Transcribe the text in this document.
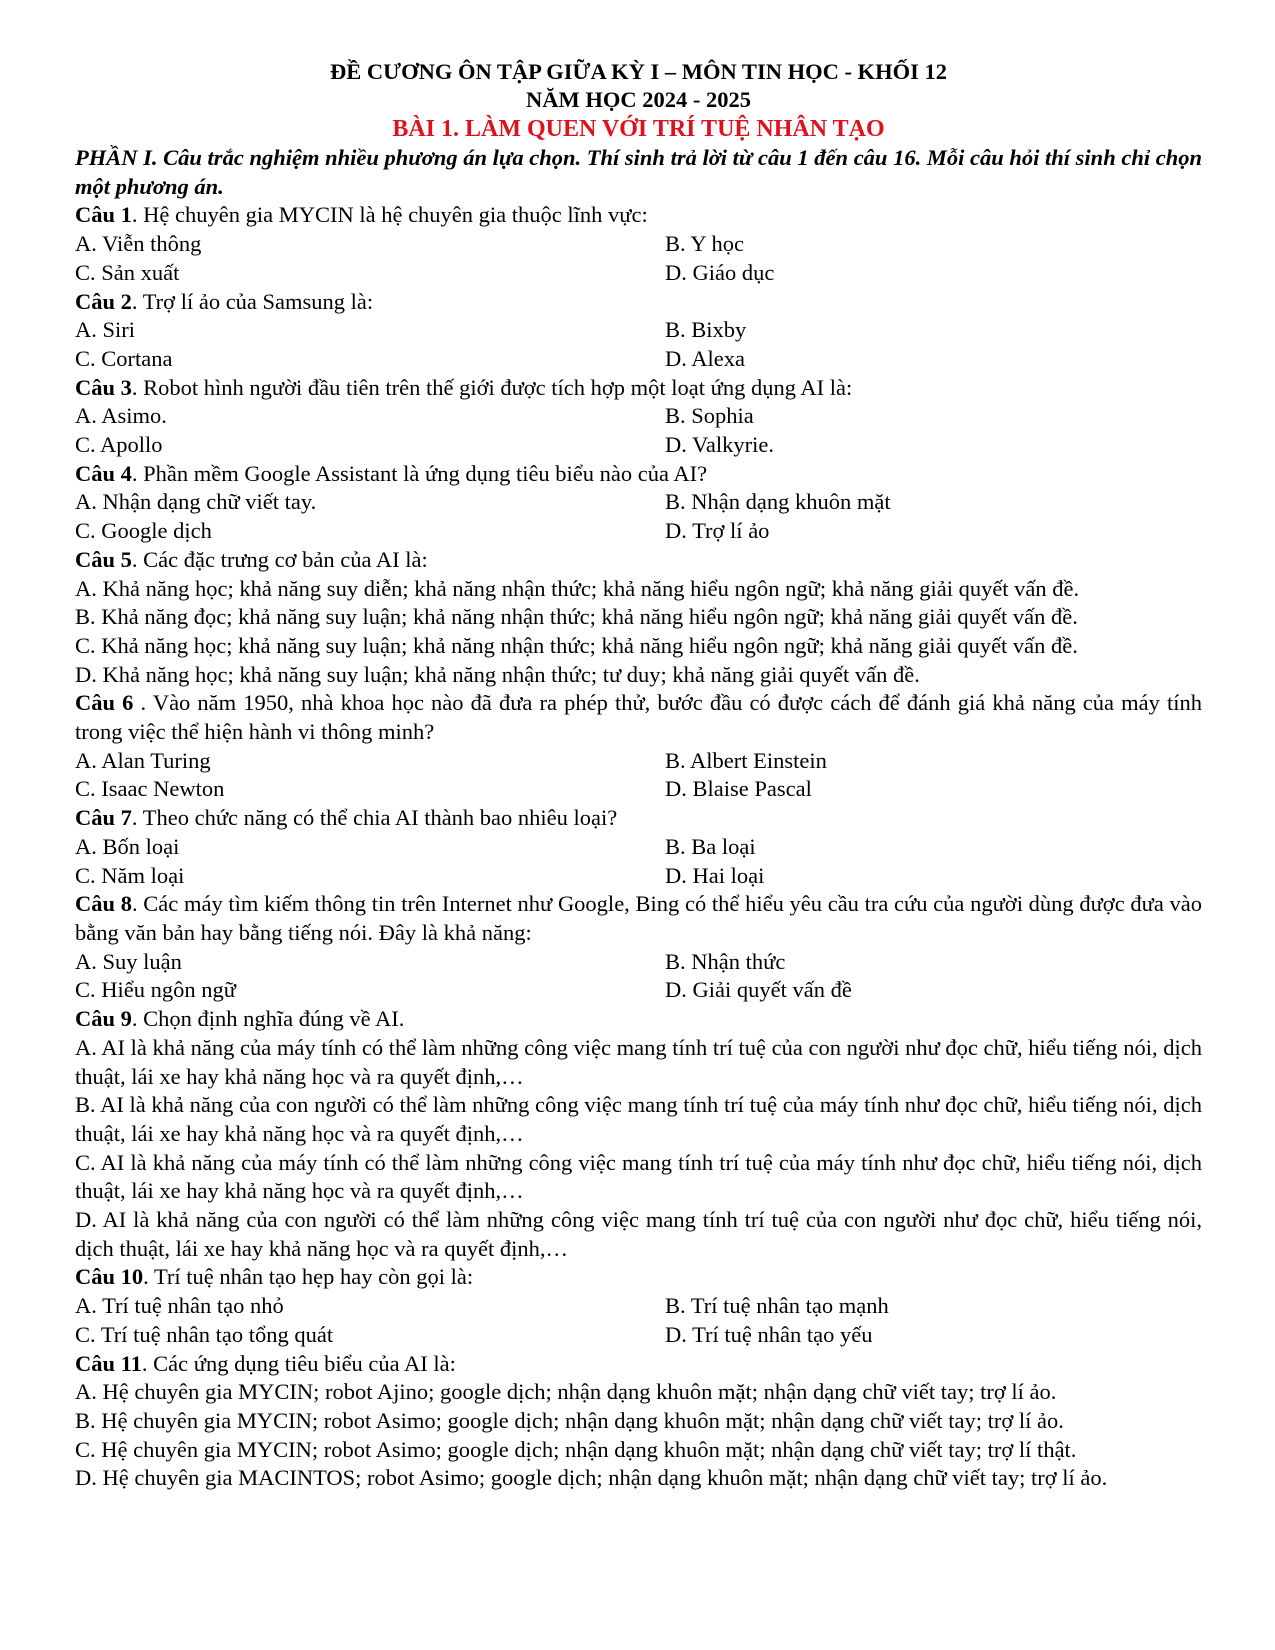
ĐỀ CƯƠNG ÔN TẬP GIỮA KỲ I – MÔN TIN HỌC - KHỐI 12
NĂM HỌC 2024 - 2025
BÀI 1. LÀM QUEN VỚI TRÍ TUỆ NHÂN TẠO
PHẦN I. Câu trắc nghiệm nhiều phương án lựa chọn. Thí sinh trả lời từ câu 1 đến câu 16. Mỗi câu hỏi thí sinh chỉ chọn một phương án.
Câu 1. Hệ chuyên gia MYCIN là hệ chuyên gia thuộc lĩnh vực:
A. Viễn thông	B. Y học
C. Sản xuất	D. Giáo dục
Câu 2. Trợ lí ảo của Samsung là:
A. Siri	B. Bixby
C. Cortana	D. Alexa
Câu 3. Robot hình người đầu tiên trên thế giới được tích hợp một loạt ứng dụng AI là:
A. Asimo.	B. Sophia
C. Apollo	D. Valkyrie.
Câu 4. Phần mềm Google Assistant là ứng dụng tiêu biểu nào của AI?
A. Nhận dạng chữ viết tay.	B. Nhận dạng khuôn mặt
C. Google dịch	D. Trợ lí ảo
Câu 5. Các đặc trưng cơ bản của AI là:
A. Khả năng học; khả năng suy diễn; khả năng nhận thức; khả năng hiểu ngôn ngữ; khả năng giải quyết vấn đề.
B. Khả năng đọc; khả năng suy luận; khả năng nhận thức; khả năng hiểu ngôn ngữ; khả năng giải quyết vấn đề.
C. Khả năng học; khả năng suy luận; khả năng nhận thức; khả năng hiểu ngôn ngữ; khả năng giải quyết vấn đề.
D. Khả năng học; khả năng suy luận; khả năng nhận thức; tư duy; khả năng giải quyết vấn đề.
Câu 6 . Vào năm 1950, nhà khoa học nào đã đưa ra phép thử, bước đầu có được cách để đánh giá khả năng của máy tính trong việc thể hiện hành vi thông minh?
A. Alan Turing	B. Albert Einstein
C. Isaac Newton	D. Blaise Pascal
Câu 7. Theo chức năng có thể chia AI thành bao nhiêu loại?
A. Bốn loại	B. Ba loại
C. Năm loại	D. Hai loại
Câu 8. Các máy tìm kiếm thông tin trên Internet như Google, Bing có thể hiểu yêu cầu tra cứu của người dùng được đưa vào bằng văn bản hay bằng tiếng nói. Đây là khả năng:
A. Suy luận	B. Nhận thức
C. Hiểu ngôn ngữ	D. Giải quyết vấn đề
Câu 9. Chọn định nghĩa đúng về AI.
A. AI là khả năng của máy tính có thể làm những công việc mang tính trí tuệ của con người như đọc chữ, hiểu tiếng nói, dịch thuật, lái xe hay khả năng học và ra quyết định,…
B. AI là khả năng của con người có thể làm những công việc mang tính trí tuệ của máy tính như đọc chữ, hiểu tiếng nói, dịch thuật, lái xe hay khả năng học và ra quyết định,…
C. AI là khả năng của máy tính có thể làm những công việc mang tính trí tuệ của máy tính như đọc chữ, hiểu tiếng nói, dịch thuật, lái xe hay khả năng học và ra quyết định,…
D. AI là khả năng của con người có thể làm những công việc mang tính trí tuệ của con người như đọc chữ, hiểu tiếng nói, dịch thuật, lái xe hay khả năng học và ra quyết định,…
Câu 10. Trí tuệ nhân tạo hẹp hay còn gọi là:
A. Trí tuệ nhân tạo nhỏ	B. Trí tuệ nhân tạo mạnh
C. Trí tuệ nhân tạo tổng quát	D. Trí tuệ nhân tạo yếu
Câu 11. Các ứng dụng tiêu biểu của AI là:
A. Hệ chuyên gia MYCIN; robot Ajino; google dịch; nhận dạng khuôn mặt; nhận dạng chữ viết tay; trợ lí ảo.
B. Hệ chuyên gia MYCIN; robot Asimo; google dịch; nhận dạng khuôn mặt; nhận dạng chữ viết tay; trợ lí ảo.
C. Hệ chuyên gia MYCIN; robot Asimo; google dịch; nhận dạng khuôn mặt; nhận dạng chữ viết tay; trợ lí thật.
D. Hệ chuyên gia MACINTOS; robot Asimo; google dịch; nhận dạng khuôn mặt; nhận dạng chữ viết tay; trợ lí ảo.
